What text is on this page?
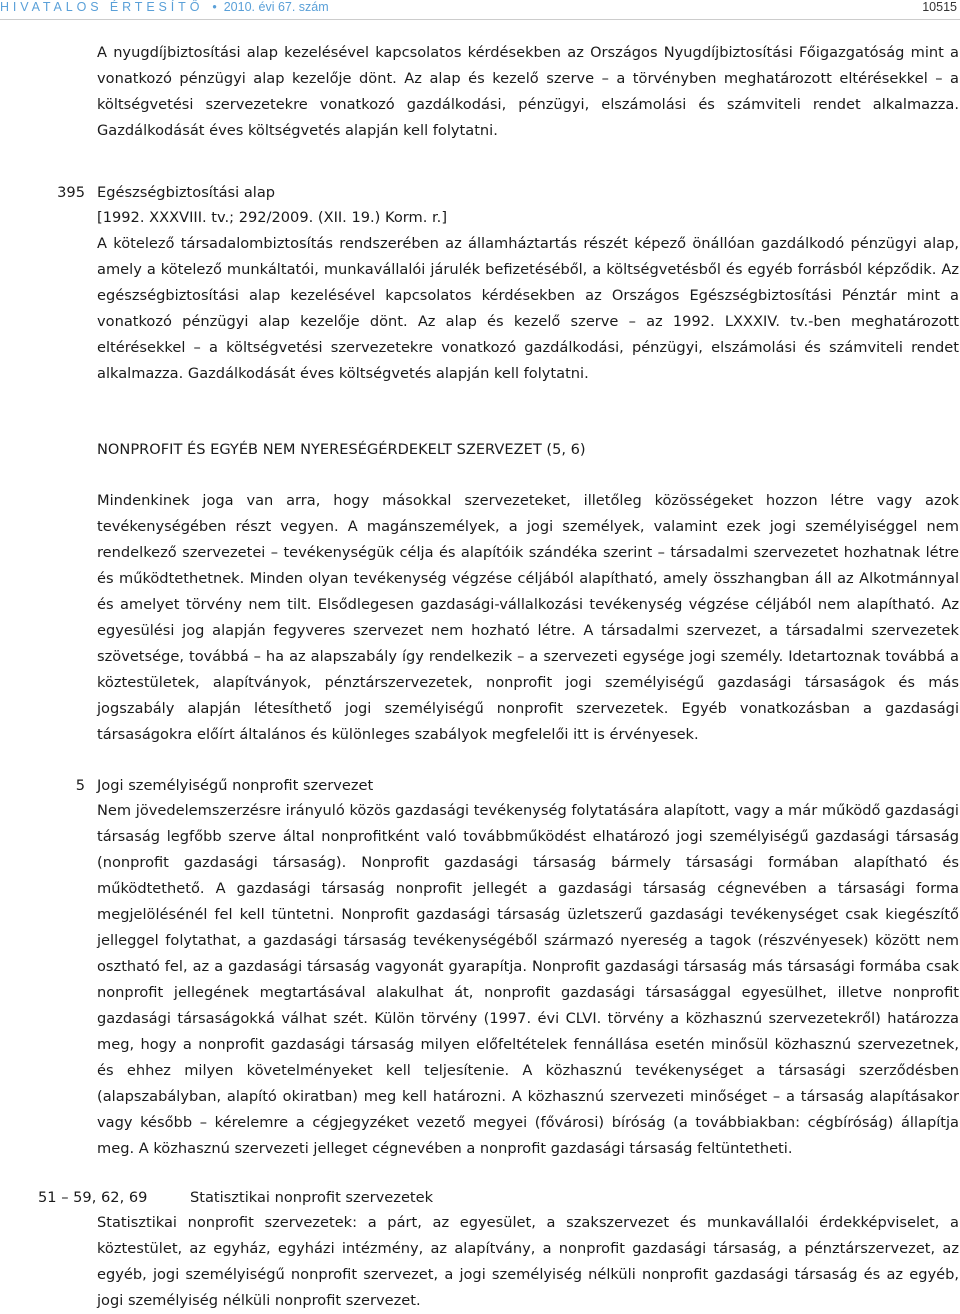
HIVATALOS ÉRTESÍTŐ • 2010. évi 67. szám	10515

A nyugdíjbiztosítási alap kezelésével kapcsolatos kérdésekben az Országos Nyugdíjbiztosítási Főigazgatóság mint a vonatkozó pénzügyi alap kezelője dönt. Az alap és kezelő szerve – a törvényben meghatározott eltérésekkel – a költségvetési szervezetekre vonatkozó gazdálkodási, pénzügyi, elszámolási és számviteli rendet alkalmazza. Gazdálkodását éves költségvetés alapján kell folytatni.

395 Egészségbiztosítási alap
[1992. XXXVIII. tv.; 292/2009. (XII. 19.) Korm. r.]

A kötelező társadalombiztosítás rendszerében az államháztartás részét képező önállóan gazdálkodó pénzügyi alap, amely a kötelező munkáltatói, munkavállalói járulék befizetéséből, a költségvetésből és egyéb forrásból képződik. Az egészségbiztosítási alap kezelésével kapcsolatos kérdésekben az Országos Egészségbiztosítási Pénztár mint a vonatkozó pénzügyi alap kezelője dönt. Az alap és kezelő szerve – az 1992. LXXXIV. tv.-ben meghatározott eltérésekkel – a költségvetési szervezetekre vonatkozó gazdálkodási, pénzügyi, elszámolási és számviteli rendet alkalmazza. Gazdálkodását éves költségvetés alapján kell folytatni.

NONPROFIT ÉS EGYÉB NEM NYERESÉGÉRDEKELT SZERVEZET (5, 6)

Mindenkinek joga van arra, hogy másokkal szervezeteket, illetőleg közösségeket hozzon létre vagy azok tevékenységében részt vegyen. A magánszemélyek, a jogi személyek, valamint ezek jogi személyiséggel nem rendelkező szervezetei – tevékenységük célja és alapítóik szándéka szerint – társadalmi szervezetet hozhatnak létre és működtethetnek. Minden olyan tevékenység végzése céljából alapítható, amely összhangban áll az Alkotmánnyal és amelyet törvény nem tilt. Elsődlegesen gazdasági-vállalkozási tevékenység végzése céljából nem alapítható. Az egyesülési jog alapján fegyveres szervezet nem hozható létre. A társadalmi szervezet, a társadalmi szervezetek szövetsége, továbbá – ha az alapszabály így rendelkezik – a szervezeti egysége jogi személy. Idetartoznak továbbá a köztestületek, alapítványok, pénztárszervezetek, nonprofit jogi személyiségű gazdasági társaságok és más jogszabály alapján létesíthető jogi személyiségű nonprofit szervezetek. Egyéb vonatkozásban a gazdasági társaságokra előírt általános és különleges szabályok megfelelői itt is érvényesek.

5 Jogi személyiségű nonprofit szervezet

Nem jövedelemszerzésre irányuló közös gazdasági tevékenység folytatására alapított, vagy a már működő gazdasági társaság legfőbb szerve által nonprofitként való továbbműködést elhatározó jogi személyiségű gazdasági társaság (nonprofit gazdasági társaság). Nonprofit gazdasági társaság bármely társasági formában alapítható és működtethető. A gazdasági társaság nonprofit jellegét a gazdasági társaság cégnevében a társasági forma megjelölésénél fel kell tüntetni. Nonprofit gazdasági társaság üzletszerű gazdasági tevékenységet csak kiegészítő jelleggel folytathat, a gazdasági társaság tevékenységéből származó nyereség a tagok (részvényesek) között nem osztható fel, az a gazdasági társaság vagyonát gyarapítja. Nonprofit gazdasági társaság más társasági formába csak nonprofit jellegének megtartásával alakulhat át, nonprofit gazdasági társasággal egyesülhet, illetve nonprofit gazdasági társaságokká válhat szét. Külön törvény (1997. évi CLVI. törvény a közhasznú szervezetekről) határozza meg, hogy a nonprofit gazdasági társaság milyen előfeltételek fennállása esetén minősül közhasznú szervezetnek, és ehhez milyen követelményeket kell teljesítenie. A közhasznú tevékenységet a társasági szerződésben (alapszabályban, alapító okiratban) meg kell határozni. A közhasznú szervezeti minőséget – a társaság alapításakor vagy később – kérelemre a cégjegyzéket vezető megyei (fővárosi) bíróság (a továbbiakban: cégbíróság) állapítja meg. A közhasznú szervezeti jelleget cégnevében a nonprofit gazdasági társaság feltüntetheti.

51 – 59, 62, 69	Statisztikai nonprofit szervezetek

Statisztikai nonprofit szervezetek: a párt, az egyesület, a szakszervezet és munkavállalói érdekképviselet, a köztestület, az egyház, egyházi intézmény, az alapítvány, a nonprofit gazdasági társaság, a pénztárszervezet, az egyéb, jogi személyiségű nonprofit szervezet, a jogi személyiség nélküli nonprofit gazdasági társaság és az egyéb, jogi személyiség nélküli nonprofit szervezet.
